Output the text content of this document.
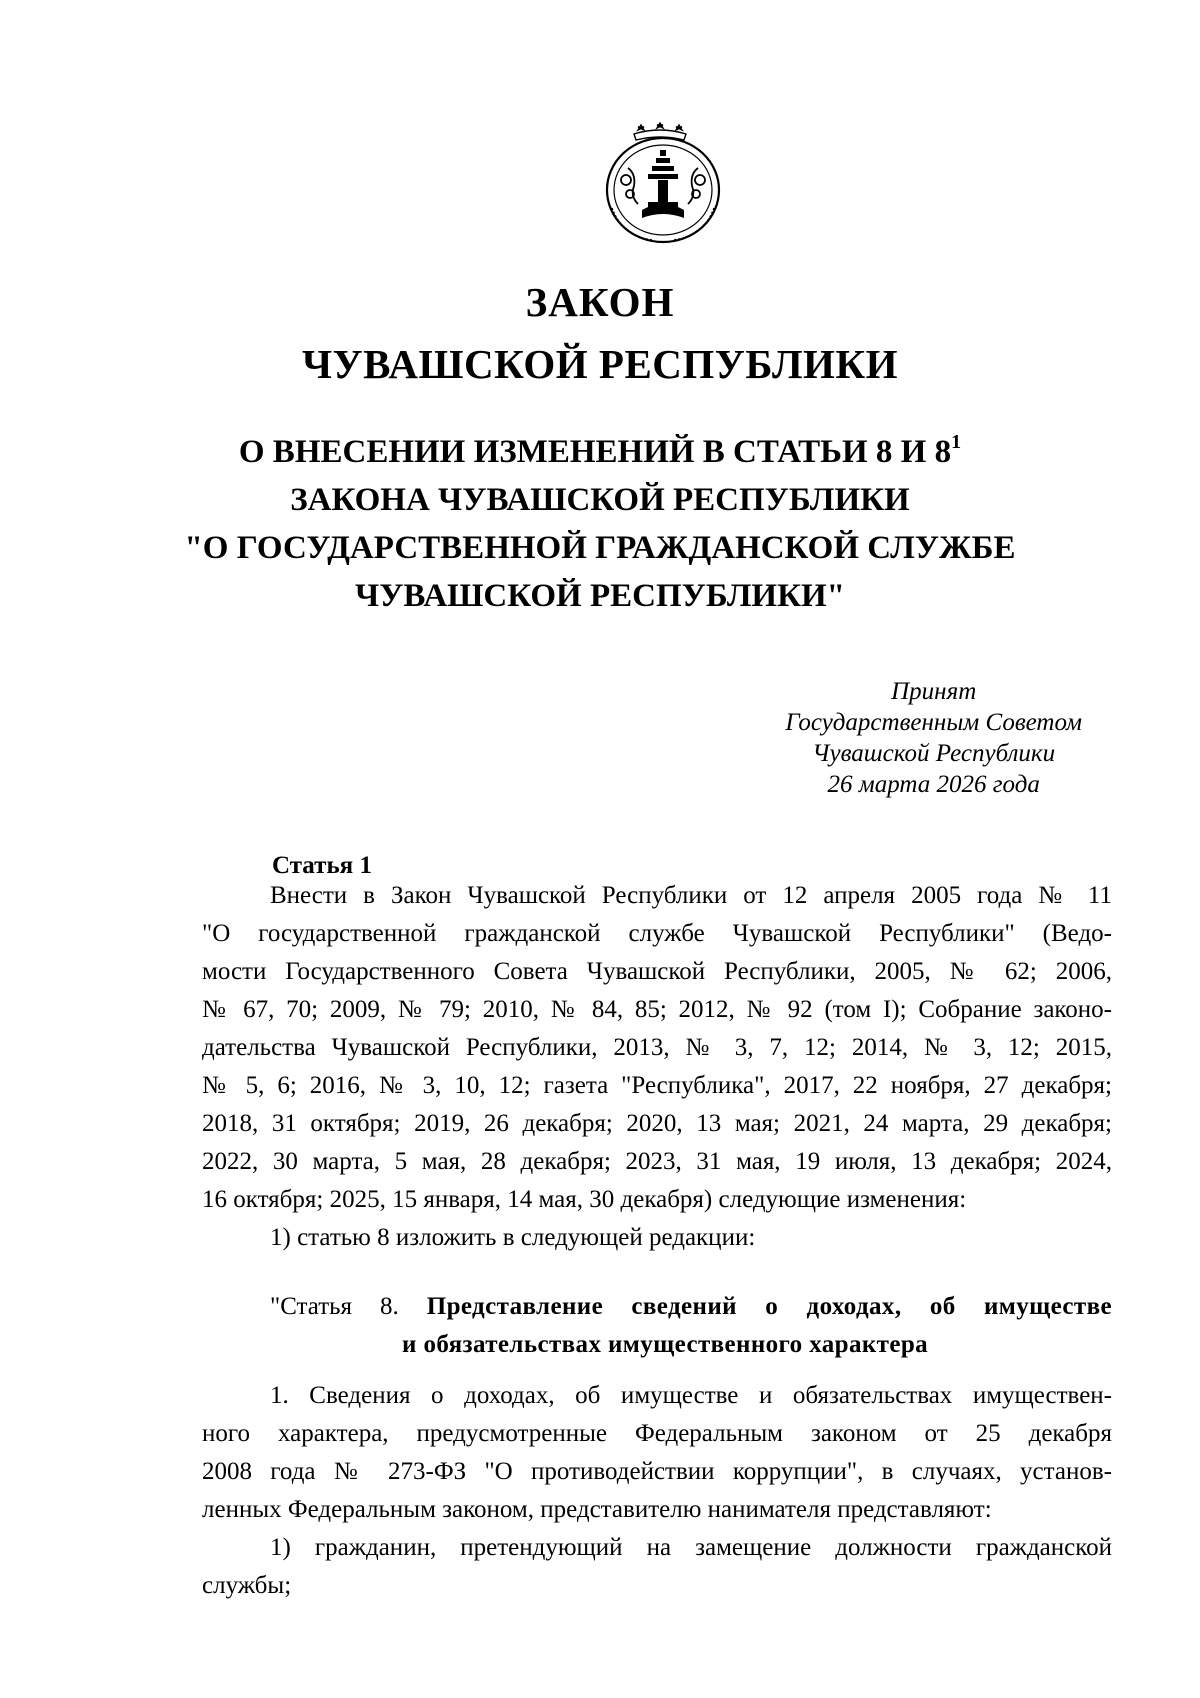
ЗАКОН
ЧУВАШСКОЙ РЕСПУБЛИКИ
О ВНЕСЕНИИ ИЗМЕНЕНИЙ В СТАТЬИ 8 И $8^1$
ЗАКОНА ЧУВАШСКОЙ РЕСПУБЛИКИ
"О ГОСУДАРСТВЕННОЙ ГРАЖДАНСКОЙ СЛУЖБЕ
ЧУВАШСКОЙ РЕСПУБЛИКИ"
Принят
Государственным Советом
Чувашской Республики
26 марта 2026 года
Статья 1
Внести в Закон Чувашской Республики от 12 апреля 2005 года № 11
"О государственной гражданской службе Чувашской Республики" (Ведо-
мости Государственного Совета Чувашской Республики, 2005, № 62; 2006,
№ 67, 70; 2009, № 79; 2010, № 84, 85; 2012, № 92 (том I); Собрание законо-
дательства Чувашской Республики, 2013, № 3, 7, 12; 2014, № 3, 12; 2015,
№ 5, 6; 2016, № 3, 10, 12; газета "Республика", 2017, 22 ноября, 27 декабря;
2018, 31 октября; 2019, 26 декабря; 2020, 13 мая; 2021, 24 марта, 29 декабря;
2022, 30 марта, 5 мая, 28 декабря; 2023, 31 мая, 19 июля, 13 декабря; 2024,
16 октября; 2025, 15 января, 14 мая, 30 декабря) следующие изменения:
1) статью 8 изложить в следующей редакции:
"Статья 8. Представление сведений о доходах, об имуществе
и обязательствах имущественного характера
1. Сведения о доходах, об имуществе и обязательствах имуществен-
ного характера, предусмотренные Федеральным законом от 25 декабря
2008 года № 273-ФЗ "О противодействии коррупции", в случаях, установ-
ленных Федеральным законом, представителю нанимателя представляют:
1) гражданин, претендующий на замещение должности гражданской
службы;
